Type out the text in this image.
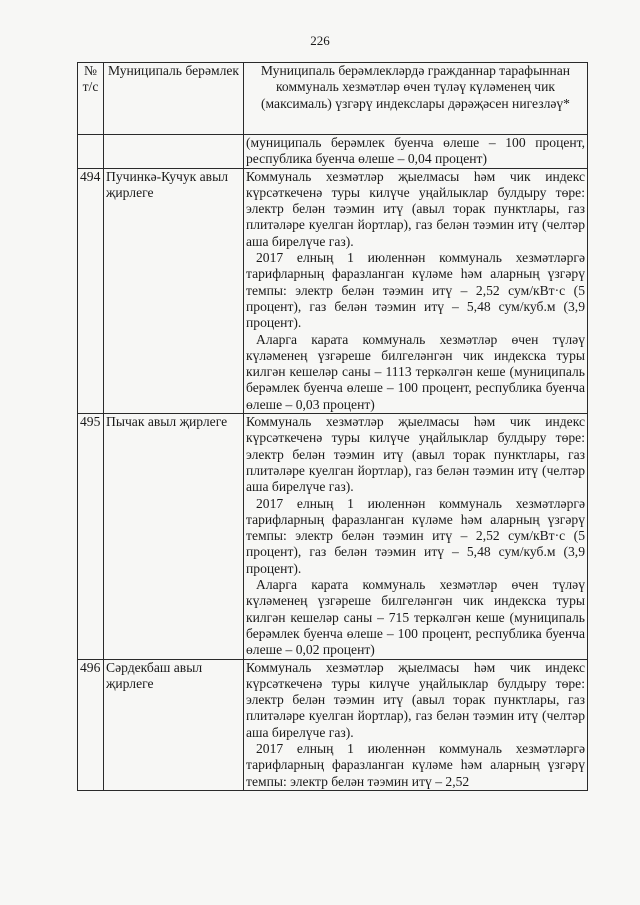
226
№ т/с	Муниципаль берәмлек	Муниципаль берәмлекләрдә гражданнар тарафыннан коммуналь хезмәтләр өчен түләү күләменең чик (максималь) үзгәрү индекслары дәрәҗәсен нигезләү*

		(муниципаль берәмлек буенча өлеше – 100 процент, республика буенча өлеше – 0,04 процент)

494	Пучинкә-Кучук авыл җирлеге	Коммуналь хезмәтләр җыелмасы һәм чик индекс күрсәткеченә туры килүче уңайлыклар булдыру төре: электр белән тәэмин итү (авыл торак пунктлары, газ плитәләре куелган йортлар), газ белән тәэмин итү (челтәр аша бирелүче газ).
2017 елның 1 июленнән коммуналь хезмәтләргә тарифларның фаразланган күләме һәм аларның үзгәрү темпы: электр белән тәэмин итү – 2,52 сум/кВт·с (5 процент), газ белән тәэмин итү – 5,48 сум/куб.м (3,9 процент).
Аларга карата коммуналь хезмәтләр өчен түләү күләменең үзгәреше билгеләнгән чик индекска туры килгән кешеләр саны – 1113 теркәлгән кеше (муниципаль берәмлек буенча өлеше – 100 процент, республика буенча өлеше – 0,03 процент)

495	Пычак авыл җирлеге	Коммуналь хезмәтләр җыелмасы һәм чик индекс күрсәткеченә туры килүче уңайлыклар булдыру төре: электр белән тәэмин итү (авыл торак пунктлары, газ плитәләре куелган йортлар), газ белән тәэмин итү (челтәр аша бирелүче газ).
2017 елның 1 июленнән коммуналь хезмәтләргә тарифларның фаразланган күләме һәм аларның үзгәрү темпы: электр белән тәэмин итү – 2,52 сум/кВт·с (5 процент), газ белән тәэмин итү – 5,48 сум/куб.м (3,9 процент).
Аларга карата коммуналь хезмәтләр өчен түләү күләменең үзгәреше билгеләнгән чик индекска туры килгән кешеләр саны – 715 теркәлгән кеше (муниципаль берәмлек буенча өлеше – 100 процент, республика буенча өлеше – 0,02 процент)

496	Сәрдекбаш авыл җирлеге	Коммуналь хезмәтләр җыелмасы һәм чик индекс күрсәткеченә туры килүче уңайлыклар булдыру төре: электр белән тәэмин итү (авыл торак пунктлары, газ плитәләре куелган йортлар), газ белән тәэмин итү (челтәр аша бирелүче газ).
2017 елның 1 июленнән коммуналь хезмәтләргә тарифларның фаразланган күләме һәм аларның үзгәрү темпы: электр белән тәэмин итү – 2,52
